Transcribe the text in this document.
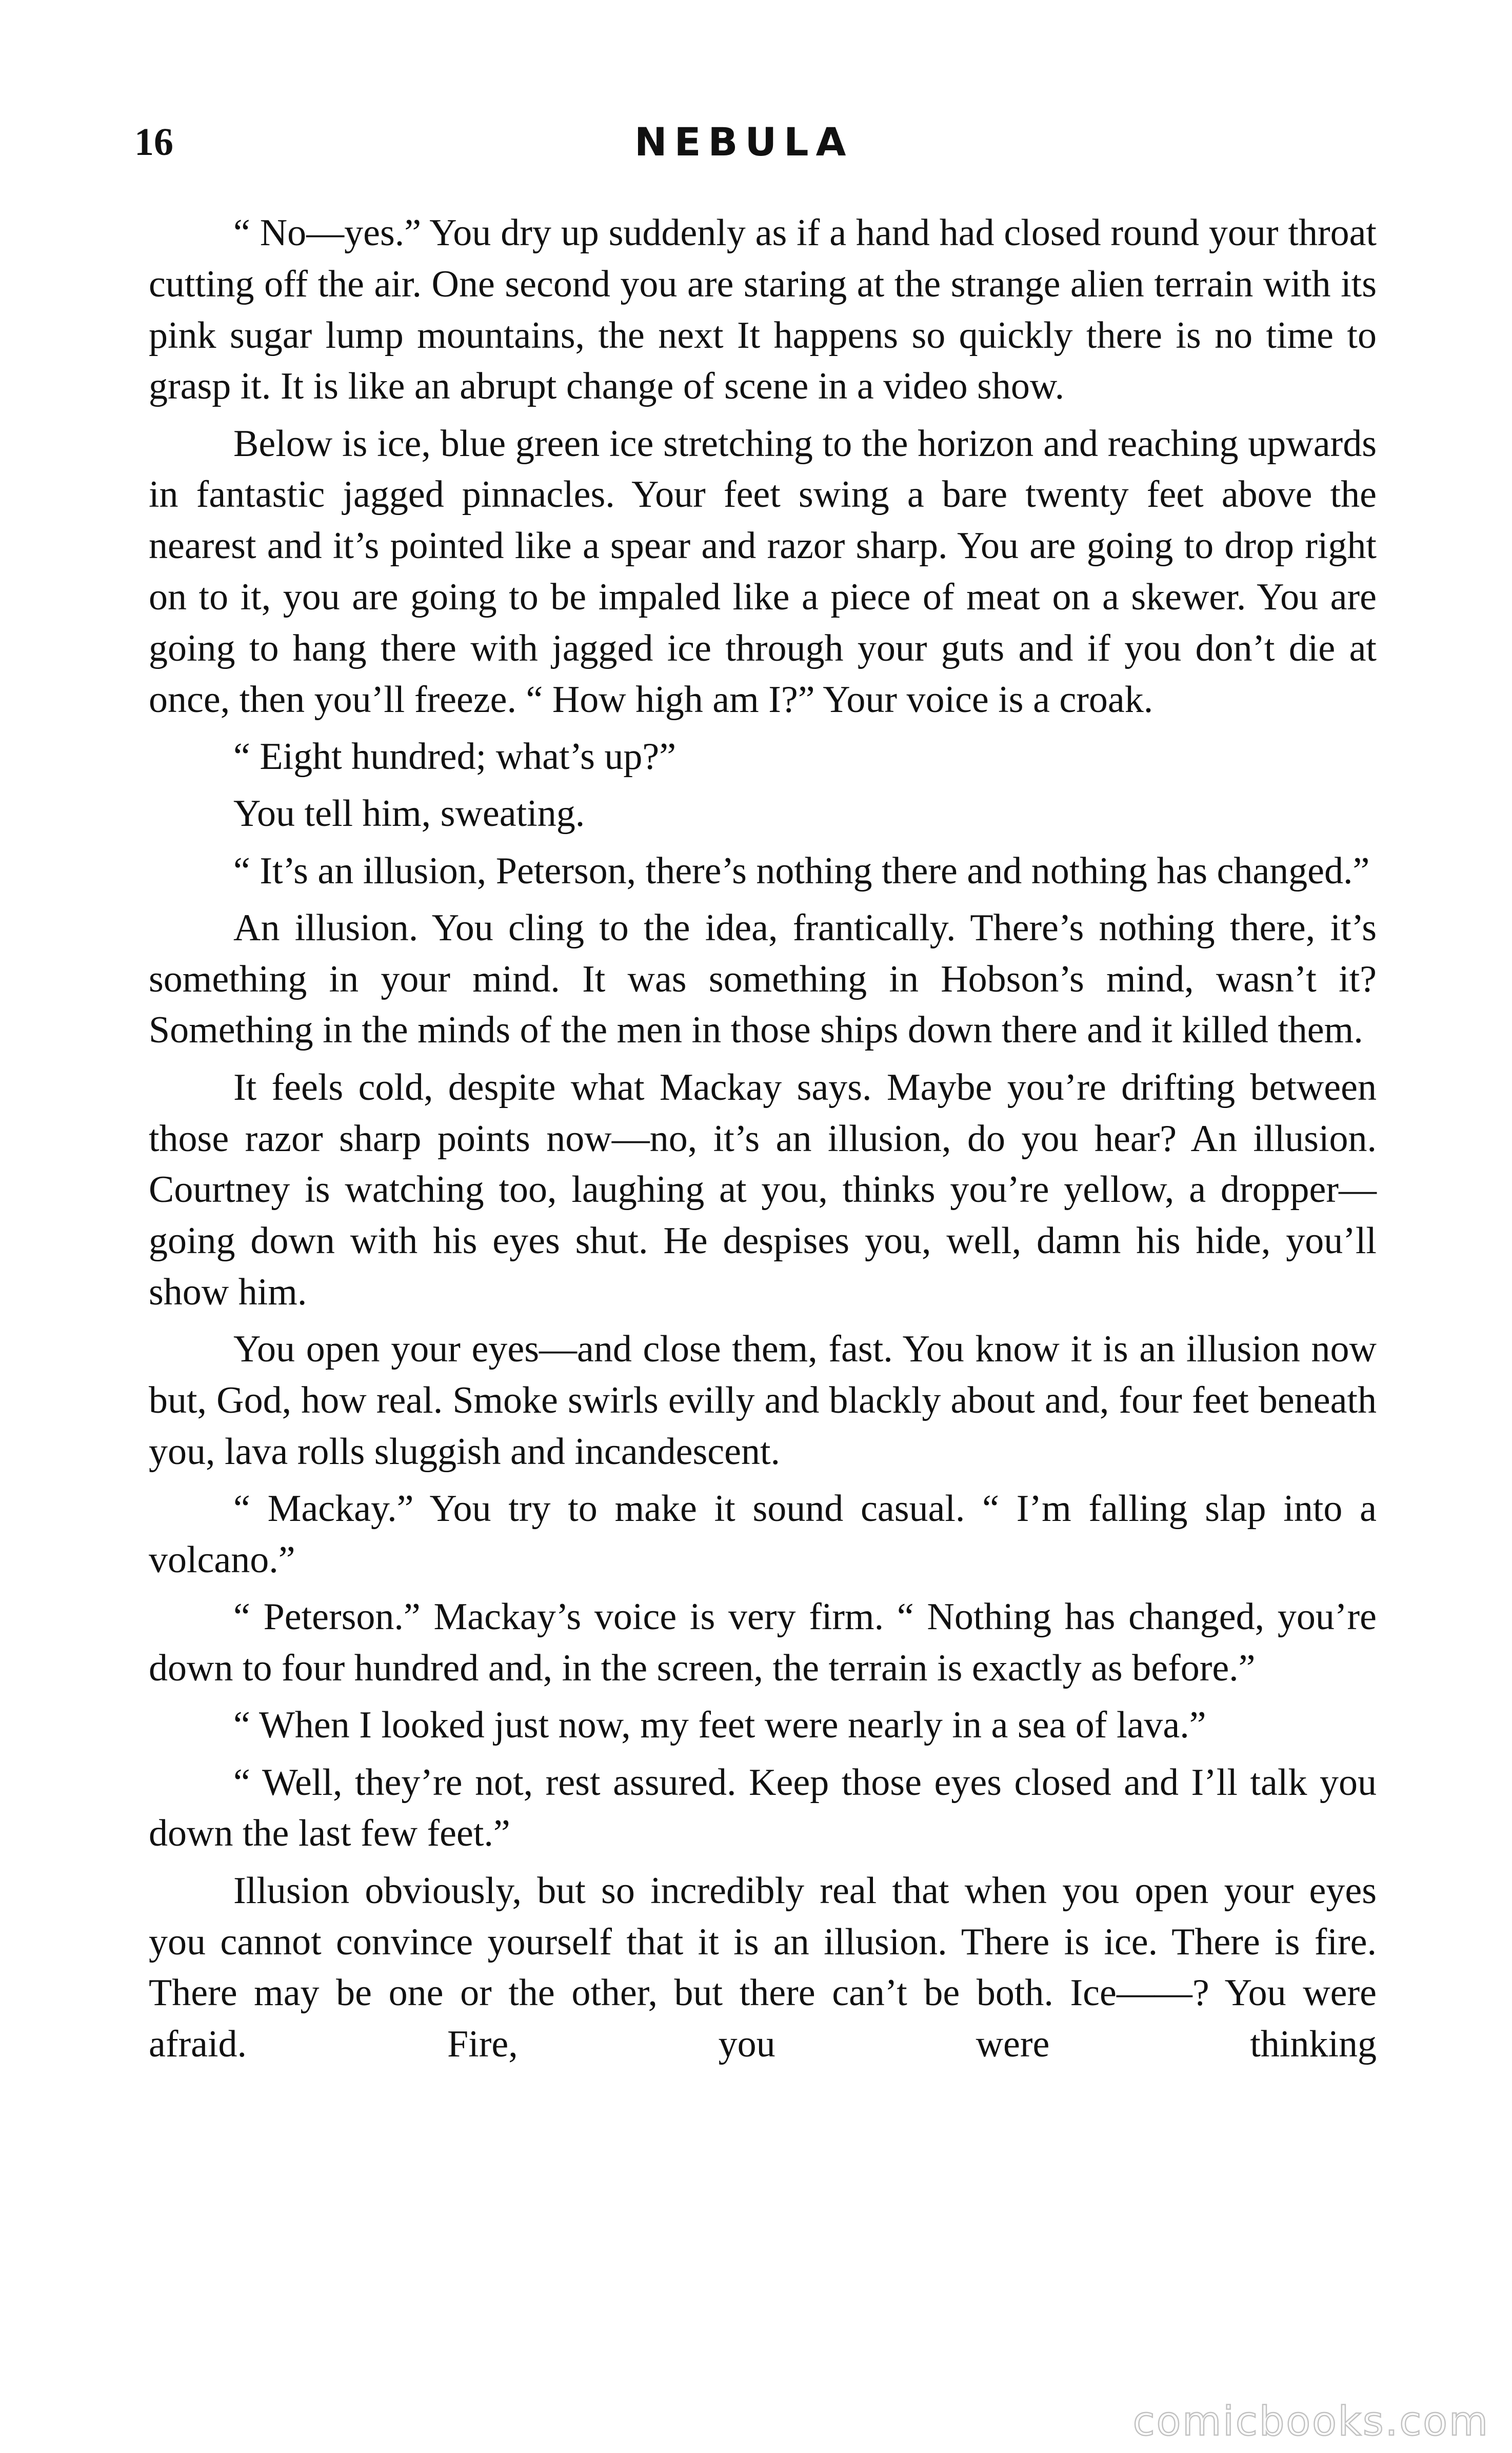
16	NEBULA

“ No—yes.” You dry up suddenly as if a hand had closed round your throat cutting off the air. One second you are staring at the strange alien terrain with its pink sugar lump mountains, the next It happens so quickly there is no time to grasp it. It is like an abrupt change of scene in a video show.

Below is ice, blue green ice stretching to the horizon and reaching upwards in fantastic jagged pinnacles. Your feet swing a bare twenty feet above the nearest and it’s pointed like a spear and razor sharp. You are going to drop right on to it, you are going to be impaled like a piece of meat on a skewer. You are going to hang there with jagged ice through your guts and if you don’t die at once, then you’ll freeze. “ How high am I?” Your voice is a croak.

“ Eight hundred; what’s up?”

You tell him, sweating.

“ It’s an illusion, Peterson, there’s nothing there and nothing has changed.”

An illusion. You cling to the idea, frantically. There’s nothing there, it’s something in your mind. It was something in Hobson’s mind, wasn’t it? Something in the minds of the men in those ships down there and it killed them.

It feels cold, despite what Mackay says. Maybe you’re drifting between those razor sharp points now—no, it’s an illusion, do you hear? An illusion. Courtney is watching too, laughing at you, thinks you’re yellow, a dropper—going down with his eyes shut. He despises you, well, damn his hide, you’ll show him.

You open your eyes—and close them, fast. You know it is an illusion now but, God, how real. Smoke swirls evilly and blackly about and, four feet beneath you, lava rolls sluggish and incandescent.

“ Mackay.” You try to make it sound casual. “ I’m falling slap into a volcano.”

“ Peterson.” Mackay’s voice is very firm. “ Nothing has changed, you’re down to four hundred and, in the screen, the terrain is exactly as before.”

“ When I looked just now, my feet were nearly in a sea of lava.”

“ Well, they’re not, rest assured. Keep those eyes closed and I’ll talk you down the last few feet.”

Illusion obviously, but so incredibly real that when you open your eyes you cannot convince yourself that it is an illusion. There is ice. There is fire. There may be one or the other, but there can’t be both. Ice——? You were afraid. Fire, you were thinking

comicbooks.com
